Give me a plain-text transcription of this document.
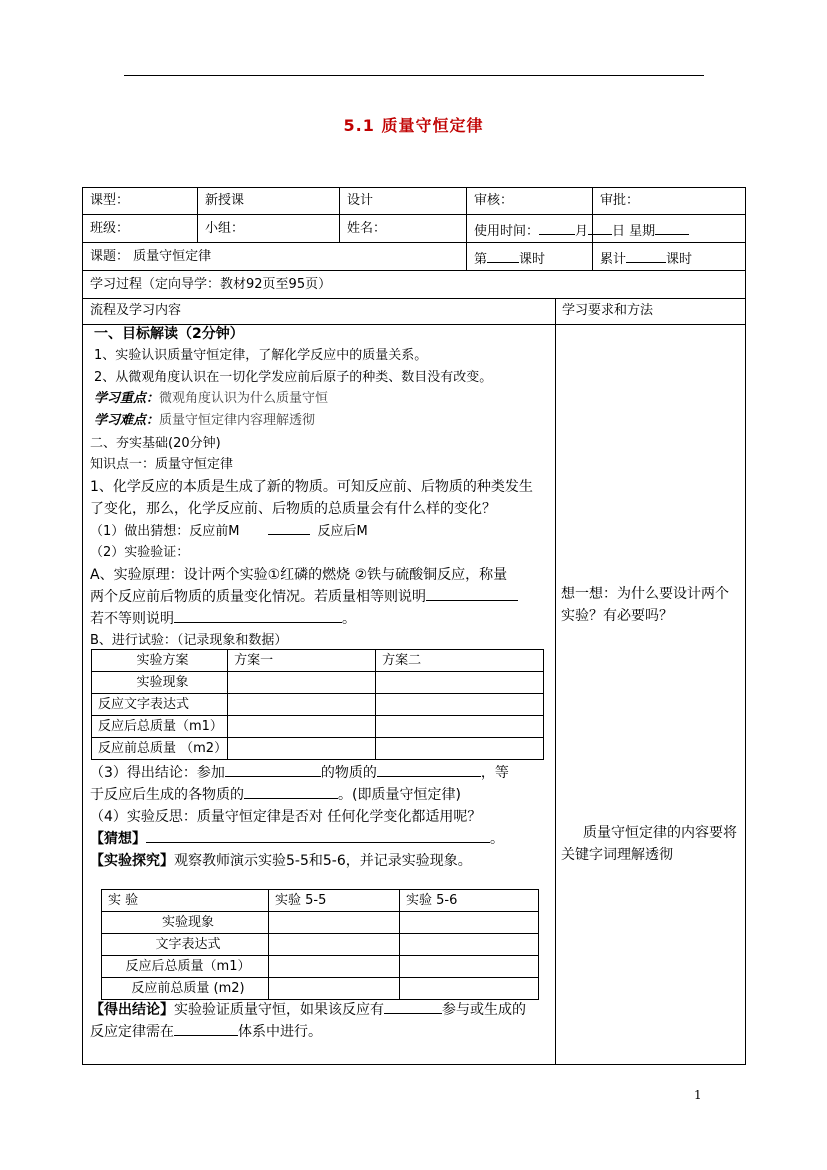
5.1 质量守恒定律
课型：	新授课	设计	审核：	审批：
班级：	小组：	姓名：	使用时间：	月 日 星期
课题： 质量守恒定律	第 课时	累计	课时
学习过程（定向导学：教材92页至95页）
流程及学习内容	学习要求和方法
一、目标解读（2分钟）
1、实验认识质量守恒定律，了解化学反应中的质量关系。
2、从微观角度认识在一切化学发应前后原子的种类、数目没有改变。
学习重点：微观角度认识为什么质量守恒
学习难点：质量守恒定律内容理解透彻
二、夯实基础(20分钟)
知识点一：质量守恒定律
1、化学反应的本质是生成了新的物质。可知反应前、后物质的种类发生
了变化，那么，化学反应前、后物质的总质量会有什么样的变化？
（1）做出猜想：反应前M	反应后M
（2）实验验证：
A、实验原理：设计两个实验①红磷的燃烧 ②铁与硫酸铜反应，称量
两个反应前后物质的质量变化情况。若质量相等则说明
若不等则说明	。
B、进行试验：（记录现象和数据）
实验方案	方案一	方案二
实验现象		
反应文字表达式		
反应后总质量（m1）		
反应前总质量 （m2）		
（3）得出结论：参加	的物质的	，等
于反应后生成的各物质的	。(即质量守恒定律)
（4）实验反思：质量守恒定律是否对 任何化学变化都适用呢？
【猜想】	。
【实验探究】观察教师演示实验5-5和5-6，并记录实验现象。
实 验	实验 5-5	实验 5-6
实验现象		
文字表达式		
反应后总质量（m1）		
反应前总质量 (m2)		
【得出结论】实验验证质量守恒，如果该反应有	参与或生成的
反应定律需在	体系中进行。
想一想：为什么要设计两个实验？有必要吗？
质量守恒定律的内容要将关键字词理解透彻
1
